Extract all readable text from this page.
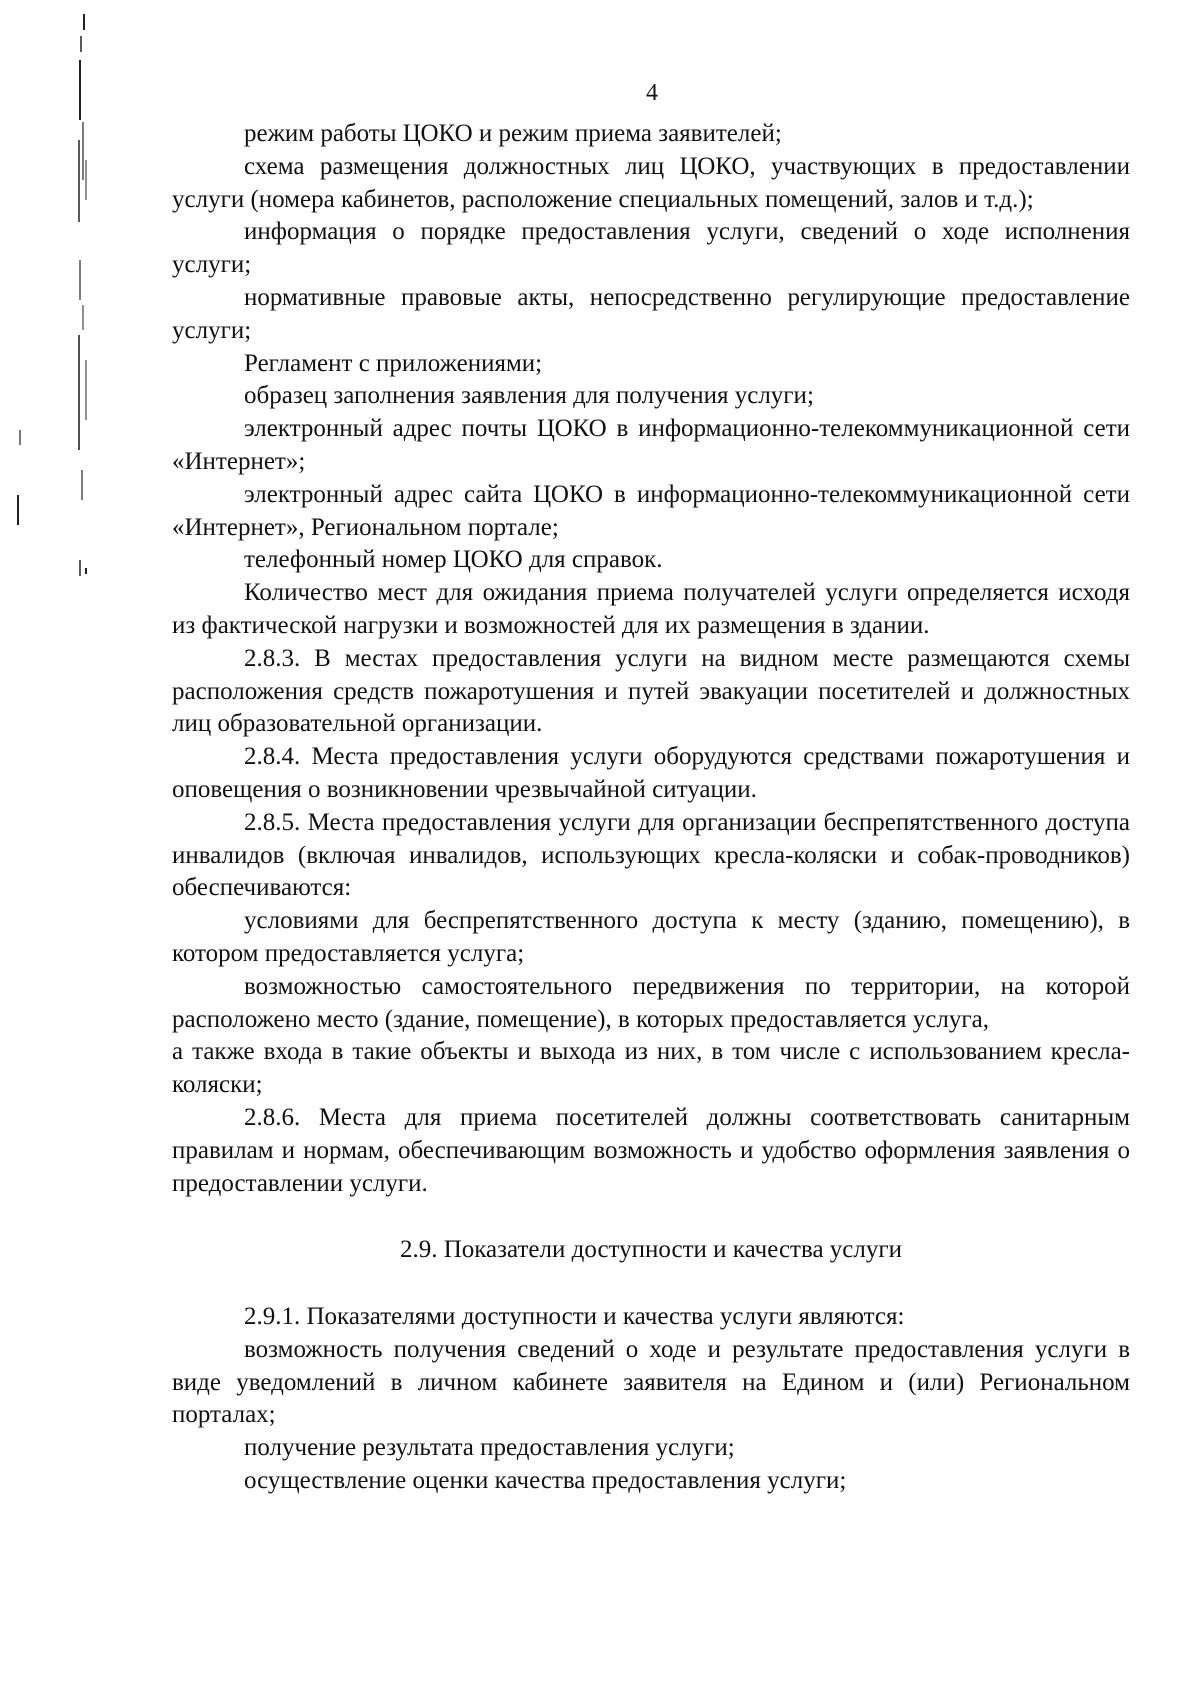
4

режим работы ЦОКО и режим приема заявителей;

схема размещения должностных лиц ЦОКО, участвующих в предоставлении услуги (номера кабинетов, расположение специальных помещений, залов и т.д.);

информация о порядке предоставления услуги, сведений о ходе исполнения услуги;

нормативные правовые акты, непосредственно регулирующие предоставление услуги;

Регламент с приложениями;

образец заполнения заявления для получения услуги;

электронный адрес почты ЦОКО в информационно-телекоммуникационной сети «Интернет»;

электронный адрес сайта ЦОКО в информационно-телекоммуникационной сети «Интернет», Региональном портале;

телефонный номер ЦОКО для справок.

Количество мест для ожидания приема получателей услуги определяется исходя из фактической нагрузки и возможностей для их размещения в здании.

2.8.3. В местах предоставления услуги на видном месте размещаются схемы расположения средств пожаротушения и путей эвакуации посетителей и должностных лиц образовательной организации.

2.8.4. Места предоставления услуги оборудуются средствами пожаротушения и оповещения о возникновении чрезвычайной ситуации.

2.8.5. Места предоставления услуги для организации беспрепятственного доступа инвалидов (включая инвалидов, использующих кресла-коляски и собак-проводников) обеспечиваются:

условиями для беспрепятственного доступа к месту (зданию, помещению), в котором предоставляется услуга;

возможностью самостоятельного передвижения по территории, на которой расположено место (здание, помещение), в которых предоставляется услуга,

а также входа в такие объекты и выхода из них, в том числе с использованием кресла-коляски;

2.8.6. Места для приема посетителей должны соответствовать санитарным правилам и нормам, обеспечивающим возможность и удобство оформления заявления о предоставлении услуги.

2.9. Показатели доступности и качества услуги

2.9.1. Показателями доступности и качества услуги являются:

возможность получения сведений о ходе и результате предоставления услуги в виде уведомлений в личном кабинете заявителя на Едином и (или) Региональном порталах;

получение результата предоставления услуги;

осуществление оценки качества предоставления услуги;
